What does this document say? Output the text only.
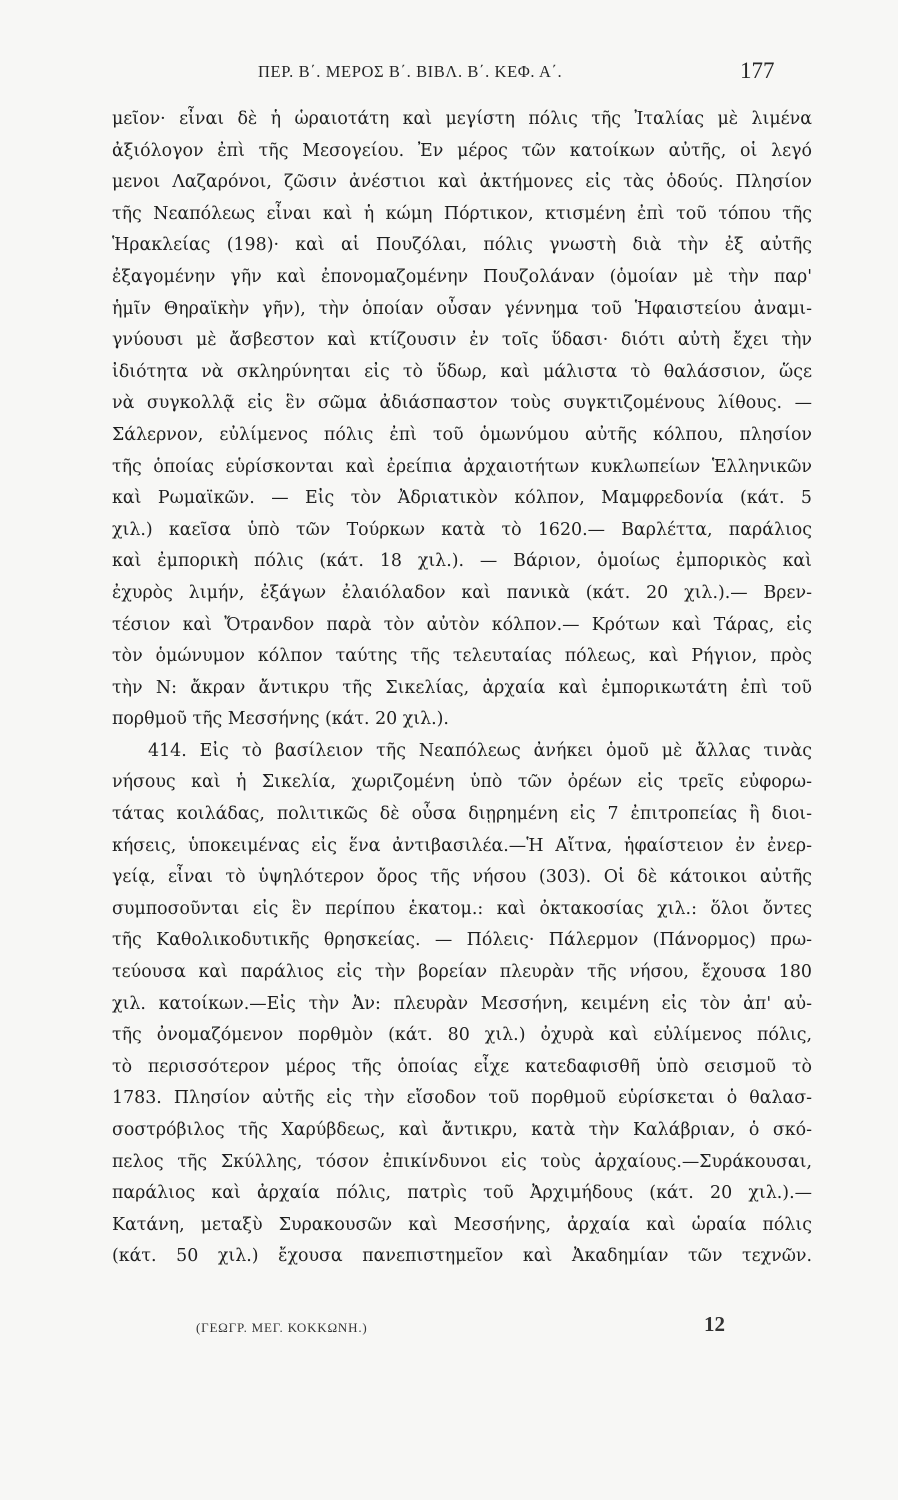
ΠΕΡ. Β΄. ΜΕΡΟΣ Β΄. ΒΙΒΛ. Β΄. ΚΕΦ. Α΄.	177
μεῖον· εἶναι δὲ ἡ ὡραιοτάτη καὶ μεγίστη πόλις τῆς Ἰταλίας μὲ λιμένα
ἀξιόλογον ἐπὶ τῆς Μεσογείου. Ἐν μέρος τῶν κατοίκων αὐτῆς, οἱ λεγό
μενοι Λαζαρόνοι, ζῶσιν ἀνέστιοι καὶ ἀκτήμονες εἰς τὰς ὁδούς. Πλησίον
τῆς Νεαπόλεως εἶναι καὶ ἡ κώμη Πόρτικον, κτισμένη ἐπὶ τοῦ τόπου τῆς
Ἡρακλείας (198)· καὶ αἱ Πουζόλαι, πόλις γνωστὴ διὰ τὴν ἐξ αὐτῆς
ἐξαγομένην γῆν καὶ ἐπονομαζομένην Πουζολάναν (ὁμοίαν μὲ τὴν παρ'
ἡμῖν Θηραϊκὴν γῆν), τὴν ὁποίαν οὖσαν γέννημα τοῦ Ἡφαιστείου ἀναμι-
γνύουσι μὲ ἄσβεστον καὶ κτίζουσιν ἐν τοῖς ὕδασι· διότι αὐτὴ ἔχει τὴν
ἰδιότητα νὰ σκληρύνηται εἰς τὸ ὕδωρ, καὶ μάλιστα τὸ θαλάσσιον, ὥςε
νὰ συγκολλᾷ εἰς ἓν σῶμα ἀδιάσπαστον τοὺς συγκτιζομένους λίθους. —
Σάλερνον, εὐλίμενος πόλις ἐπὶ τοῦ ὁμωνύμου αὐτῆς κόλπου, πλησίον
τῆς ὁποίας εὑρίσκονται καὶ ἐρείπια ἀρχαιοτήτων κυκλωπείων Ἑλληνικῶν
καὶ Ρωμαϊκῶν. — Εἰς τὸν Ἀδριατικὸν κόλπον, Μαμφρεδονία (κάτ. 5
χιλ.) καεῖσα ὑπὸ τῶν Τούρκων κατὰ τὸ 1620.— Βαρλέττα, παράλιος
καὶ ἐμπορικὴ πόλις (κάτ. 18 χιλ.). — Βάριον, ὁμοίως ἐμπορικὸς καὶ
ἐχυρὸς λιμήν, ἐξάγων ἐλαιόλαδον καὶ πανικὰ (κάτ. 20 χιλ.).— Βρεν-
τέσιον καὶ Ὄτρανδον παρὰ τὸν αὐτὸν κόλπον.— Κρότων καὶ Τάρας, εἰς
τὸν ὁμώνυμον κόλπον ταύτης τῆς τελευταίας πόλεως, καὶ Ρήγιον, πρὸς
τὴν Ν: ἄκραν ἄντικρυ τῆς Σικελίας, ἀρχαία καὶ ἐμπορικωτάτη ἐπὶ τοῦ
πορθμοῦ τῆς Μεσσήνης (κάτ. 20 χιλ.).
414. Εἰς τὸ βασίλειον τῆς Νεαπόλεως ἀνήκει ὁμοῦ μὲ ἄλλας τινὰς
νήσους καὶ ἡ Σικελία, χωριζομένη ὑπὸ τῶν ὀρέων εἰς τρεῖς εὐφορω-
τάτας κοιλάδας, πολιτικῶς δὲ οὖσα διῃρημένη εἰς 7 ἐπιτροπείας ἢ διοι-
κήσεις, ὑποκειμένας εἰς ἕνα ἀντιβασιλέα.—Ἡ Αἴτνα, ἡφαίστειον ἐν ἐνερ-
γείᾳ, εἶναι τὸ ὑψηλότερον ὄρος τῆς νήσου (303). Οἱ δὲ κάτοικοι αὐτῆς
συμποσοῦνται εἰς ἓν περίπου ἑκατομ.: καὶ ὀκτακοσίας χιλ.: ὅλοι ὄντες
τῆς Καθολικοδυτικῆς θρησκείας. — Πόλεις· Πάλερμον (Πάνορμος) πρω-
τεύουσα καὶ παράλιος εἰς τὴν βορείαν πλευρὰν τῆς νήσου, ἔχουσα 180
χιλ. κατοίκων.—Εἰς τὴν Ἀν: πλευρὰν Μεσσήνη, κειμένη εἰς τὸν ἀπ' αὐ-
τῆς ὀνομαζόμενον πορθμὸν (κάτ. 80 χιλ.) ὀχυρὰ καὶ εὐλίμενος πόλις,
τὸ περισσότερον μέρος τῆς ὁποίας εἶχε κατεδαφισθῆ ὑπὸ σεισμοῦ τὸ
1783. Πλησίον αὐτῆς εἰς τὴν εἴσοδον τοῦ πορθμοῦ εὑρίσκεται ὁ θαλασ-
σοστρόβιλος τῆς Χαρύβδεως, καὶ ἄντικρυ, κατὰ τὴν Καλάβριαν, ὁ σκό-
πελος τῆς Σκύλλης, τόσον ἐπικίνδυνοι εἰς τοὺς ἀρχαίους.—Συράκουσαι,
παράλιος καὶ ἀρχαία πόλις, πατρὶς τοῦ Ἀρχιμήδους (κάτ. 20 χιλ.).—
Κατάνη, μεταξὺ Συρακουσῶν καὶ Μεσσήνης, ἀρχαία καὶ ὡραία πόλις
(κάτ. 50 χιλ.) ἔχουσα πανεπιστημεῖον καὶ Ἀκαδημίαν τῶν τεχνῶν.
(ΓΕΩΓΡ. ΜΕΓ. ΚΟΚΚΩΝΗ.)	12
